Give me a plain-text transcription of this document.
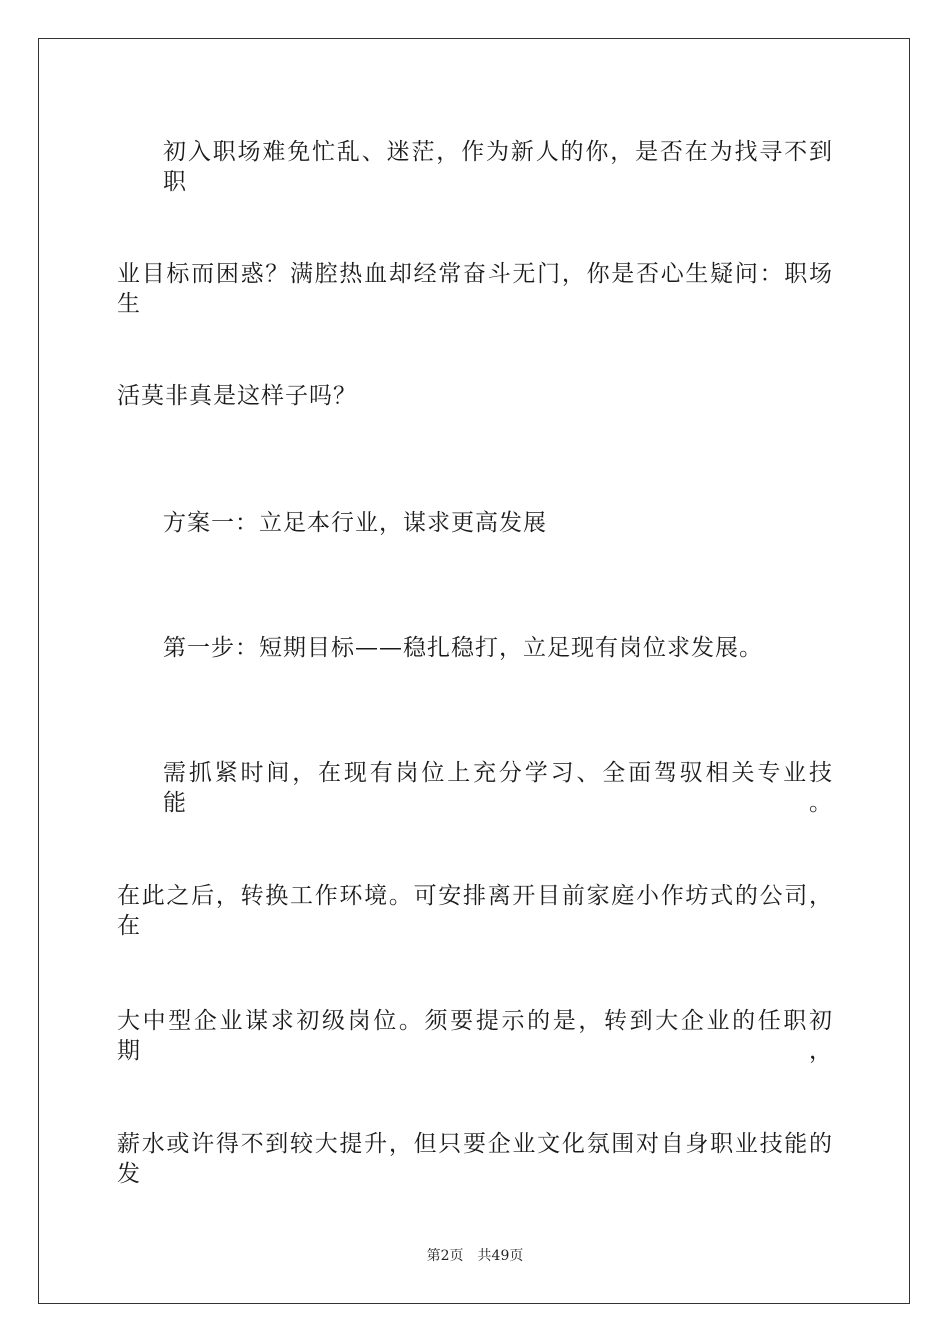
初入职场难免忙乱、迷茫，作为新人的你，是否在为找寻不到职
业目标而困惑？满腔热血却经常奋斗无门，你是否心生疑问：职场生
活莫非真是这样子吗？
方案一：立足本行业，谋求更高发展
第一步：短期目标——稳扎稳打，立足现有岗位求发展。
需抓紧时间，在现有岗位上充分学习、全面驾驭相关专业技能。
在此之后，转换工作环境。可安排离开目前家庭小作坊式的公司，在
大中型企业谋求初级岗位。须要提示的是，转到大企业的任职初期，
薪水或许得不到较大提升，但只要企业文化氛围对自身职业技能的发
第2页 共49页
